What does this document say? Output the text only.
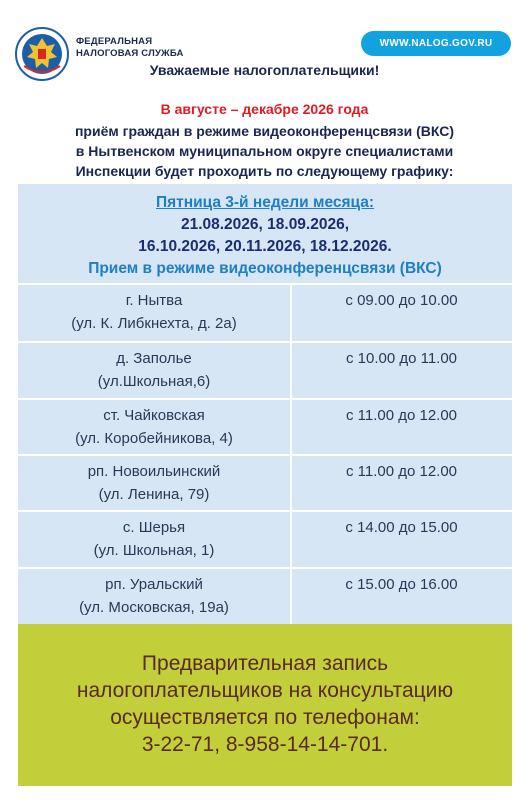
ФЕДЕРАЛЬНАЯ
НАЛОГОВАЯ СЛУЖБА
WWW.NALOG.GOV.RU
Уважаемые налогоплательщики!
В августе – декабре 2026 года
приём граждан в режиме видеоконференцсвязи (ВКС)
в Нытвенском муниципальном округе специалистами
Инспекции будет проходить по следующему графику:
Пятница 3-й недели месяца:
21.08.2026, 18.09.2026,
16.10.2026, 20.11.2026, 18.12.2026.
Прием в режиме видеоконференцсвязи (ВКС)
г. Нытва
(ул. К. Либкнехта, д. 2а)
с 09.00 до 10.00
д. Заполье
(ул.Школьная,6)
с 10.00 до 11.00
ст. Чайковская
(ул. Коробейникова, 4)
с 11.00 до 12.00
рп. Новоильинский
(ул. Ленина, 79)
с 11.00 до 12.00
с. Шерья
(ул. Школьная, 1)
с 14.00 до 15.00
рп. Уральский
(ул. Московская, 19а)
с 15.00 до 16.00
Предварительная запись
налогоплательщиков на консультацию
осуществляется по телефонам:
3-22-71, 8-958-14-14-701.
